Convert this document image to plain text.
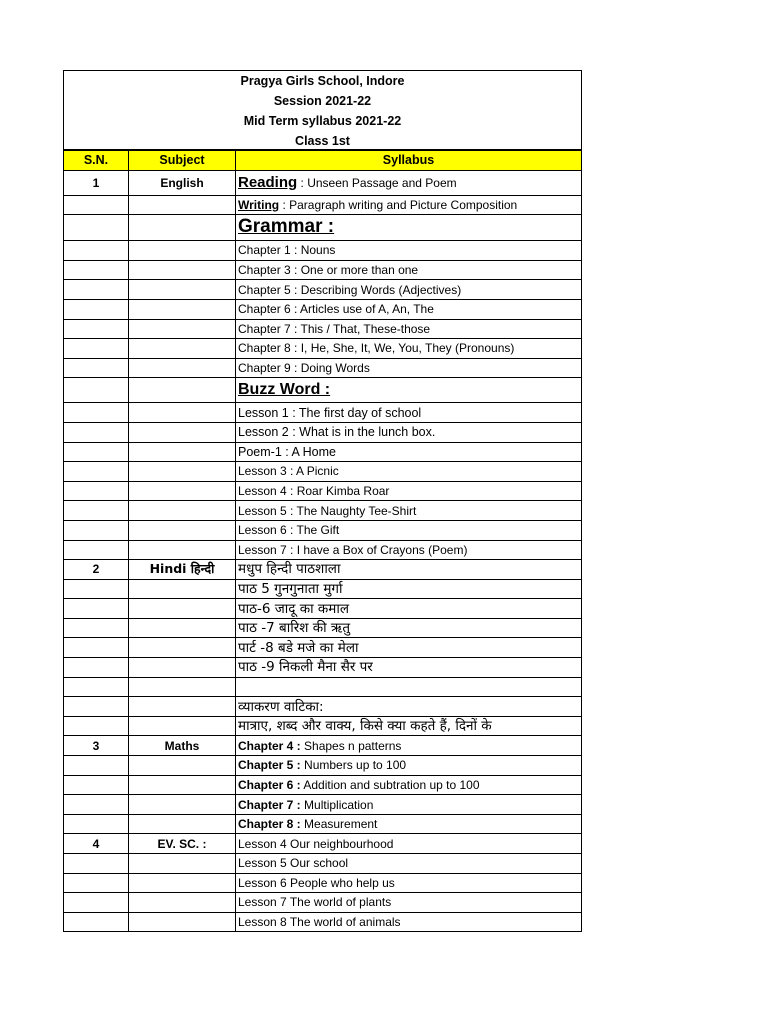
Pragya Girls School, Indore
Session 2021-22
Mid Term syllabus 2021-22
Class 1st
S.N.	Subject	Syllabus
1	English	Reading : Unseen Passage and Poem
		Writing : Paragraph writing and Picture Composition
		Grammar :
		Chapter 1 : Nouns
		Chapter 3 : One or more than one
		Chapter 5 : Describing Words (Adjectives)
		Chapter 6 : Articles use of A, An, The
		Chapter 7 : This / That, These-those
		Chapter 8 : I, He, She, It, We, You, They (Pronouns)
		Chapter 9 : Doing Words
		Buzz Word :
		Lesson 1 : The first day of school
		Lesson 2 : What is in the lunch box.
		Poem-1 : A Home
		Lesson 3 : A Picnic
		Lesson 4 : Roar Kimba Roar
		Lesson 5 : The Naughty Tee-Shirt
		Lesson 6 : The Gift
		Lesson 7 : I have a Box of Crayons (Poem)
2	Hindi हिन्दी	मधुप हिन्दी पाठशाला
		पाठ 5 गुनगुनाता मुर्गा
		पाठ-6 जादू का कमाल
		पाठ -7 बारिश की ऋतु
		पार्ट -8 बडे मजे का मेला
		पाठ -9 निकली मैना सैर पर

		व्याकरण वाटिका:
		मात्राए, शब्द और वाक्य, किसे क्या कहते हैं, दिनों के
3	Maths	Chapter 4 : Shapes n patterns
		Chapter 5 : Numbers up to 100
		Chapter 6 : Addition and subtration up to 100
		Chapter 7 : Multiplication
		Chapter 8 : Measurement
4	EV. SC. :	Lesson 4 Our neighbourhood
		Lesson 5 Our school
		Lesson 6 People who help us
		Lesson 7 The world of plants
		Lesson 8 The world of animals
